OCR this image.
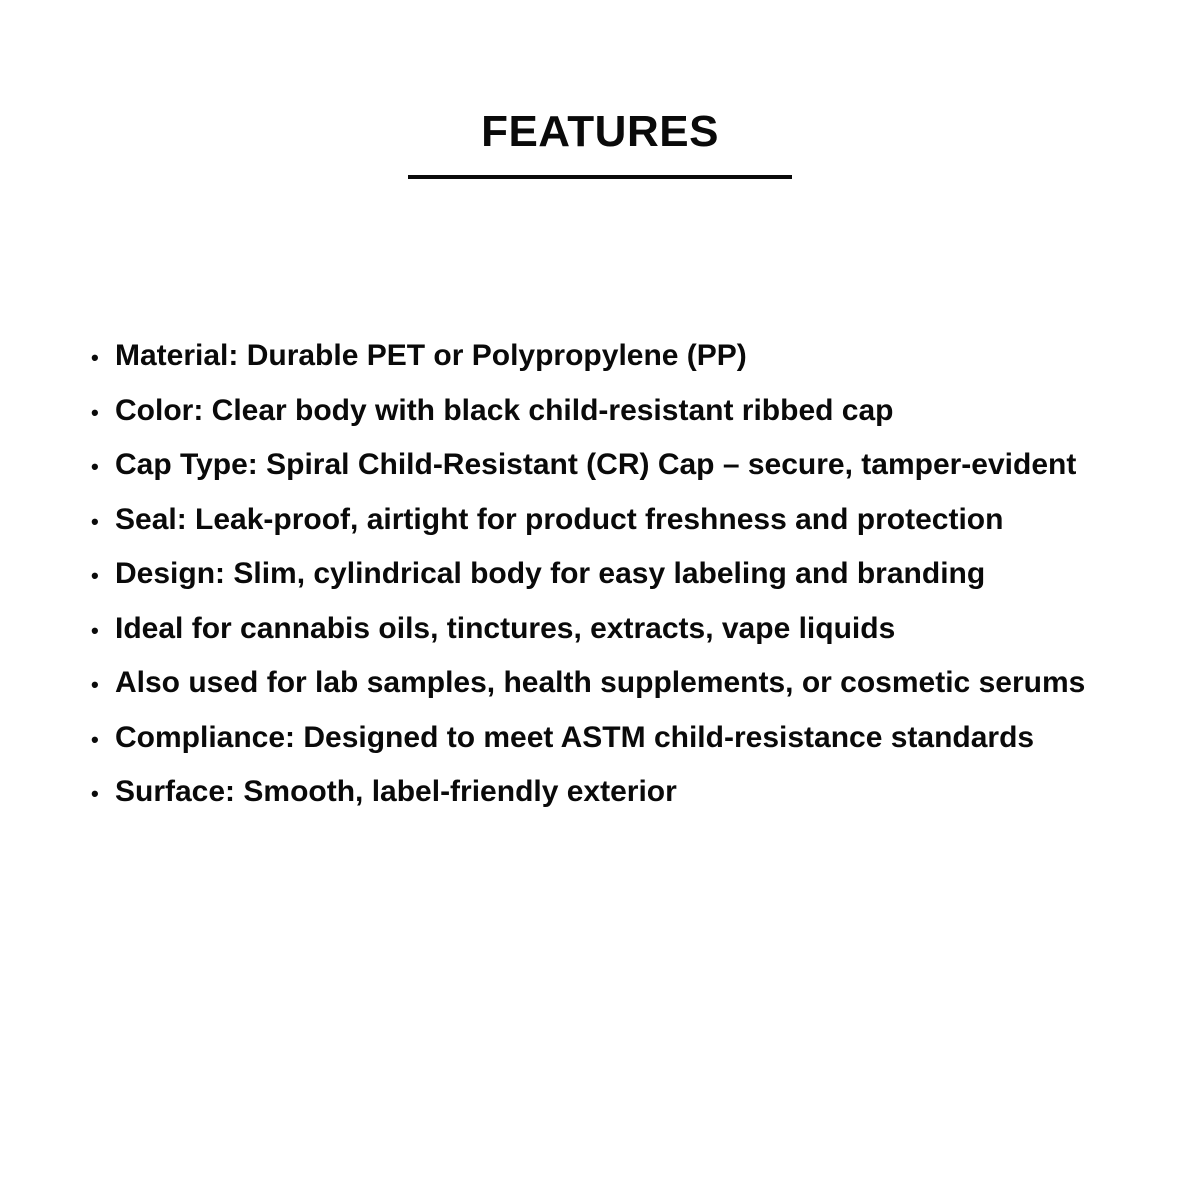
FEATURES
• Material: Durable PET or Polypropylene (PP)
• Color: Clear body with black child-resistant ribbed cap
• Cap Type: Spiral Child-Resistant (CR) Cap – secure, tamper-evident
• Seal: Leak-proof, airtight for product freshness and protection
• Design: Slim, cylindrical body for easy labeling and branding
• Ideal for cannabis oils, tinctures, extracts, vape liquids
• Also used for lab samples, health supplements, or cosmetic serums
• Compliance: Designed to meet ASTM child-resistance standards
• Surface: Smooth, label-friendly exterior
